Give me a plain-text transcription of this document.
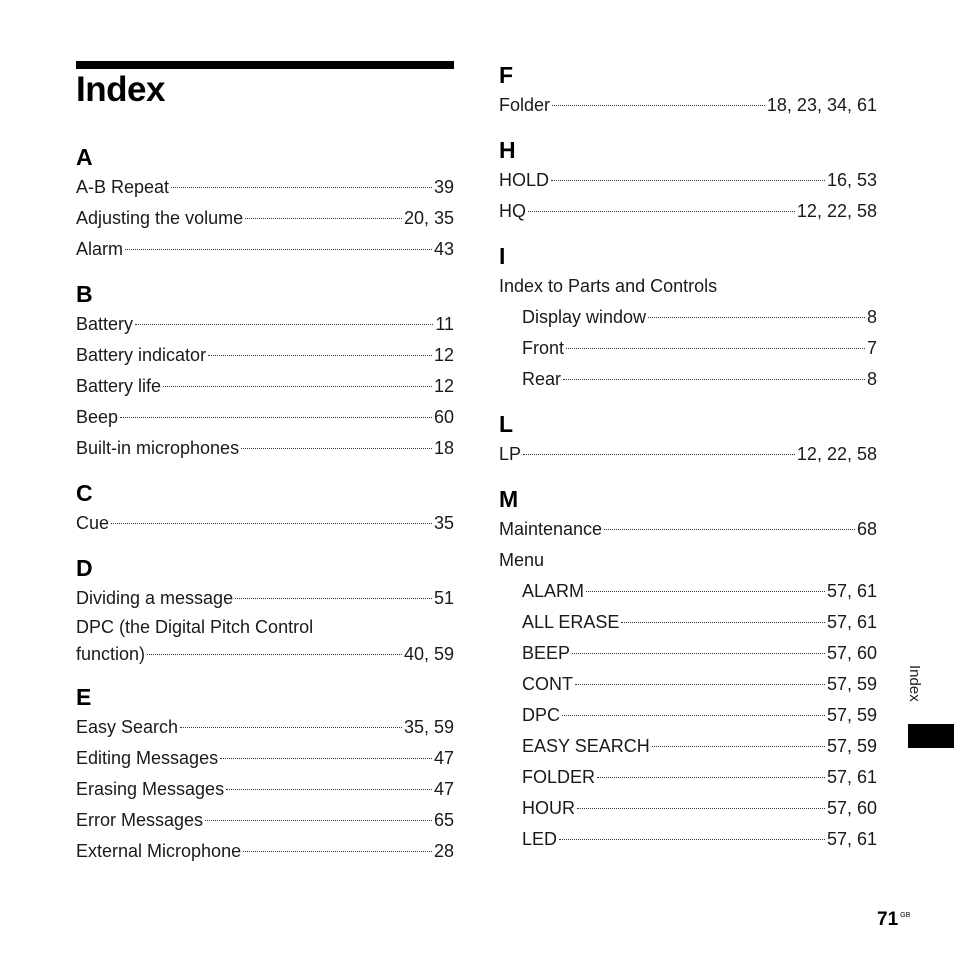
Index
A
A-B Repeat	39
Adjusting the volume	20, 35
Alarm	43
B
Battery	11
Battery indicator	12
Battery life	12
Beep	60
Built-in microphones	18
C
Cue	35
D
Dividing a message	51
DPC (the Digital Pitch Control
function)	40, 59
E
Easy Search	35, 59
Editing Messages	47
Erasing Messages	47
Error Messages	65
External Microphone	28
F
Folder	18, 23, 34, 61
H
HOLD	16, 53
HQ	12, 22, 58
I
Index to Parts and Controls
Display window	8
Front	7
Rear	8
L
LP	12, 22, 58
M
Maintenance	68
Menu
ALARM	57, 61
ALL ERASE	57, 61
BEEP	57, 60
CONT	57, 59
DPC	57, 59
EASY SEARCH	57, 59
FOLDER	57, 61
HOUR	57, 60
LED	57, 61
Index
71 $^{GB}$
